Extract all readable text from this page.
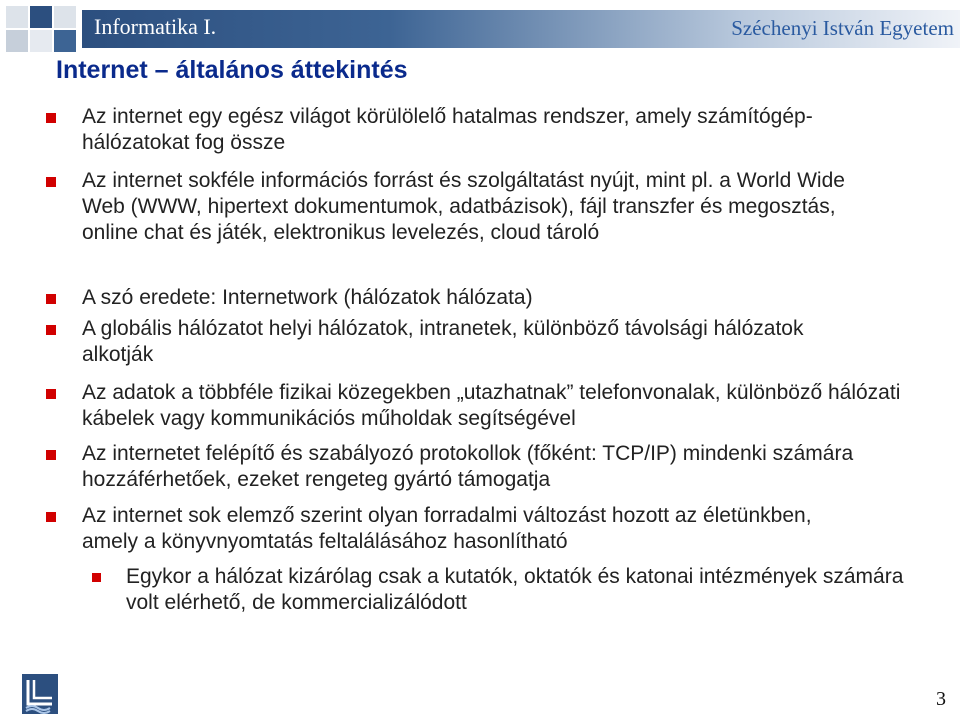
Informatika I.	Széchenyi István Egyetem
Internet – általános áttekintés
Az internet egy egész világot körülölelő hatalmas rendszer, amely számítógép-hálózatokat fog össze
Az internet sokféle információs forrást és szolgáltatást nyújt, mint pl. a World Wide Web (WWW, hipertext dokumentumok, adatbázisok), fájl transzfer és megosztás, online chat és játék, elektronikus levelezés, cloud tároló
A szó eredete: Internetwork (hálózatok hálózata)
A globális hálózatot helyi hálózatok, intranetek, különböző távolsági hálózatok alkotják
Az adatok a többféle fizikai közegekben „utazhatnak” telefonvonalak, különböző hálózati kábelek vagy kommunikációs műholdak segítségével
Az internetet felépítő és szabályozó protokollok (főként: TCP/IP) mindenki számára hozzáférhetőek, ezeket rengeteg gyártó támogatja
Az internet sok elemző szerint olyan forradalmi változást hozott az életünkben, amely a könyvnyomtatás feltalálásához hasonlítható
Egykor a hálózat kizárólag csak a kutatók, oktatók és katonai intézmények számára volt elérhető, de kommercializálódott
3
